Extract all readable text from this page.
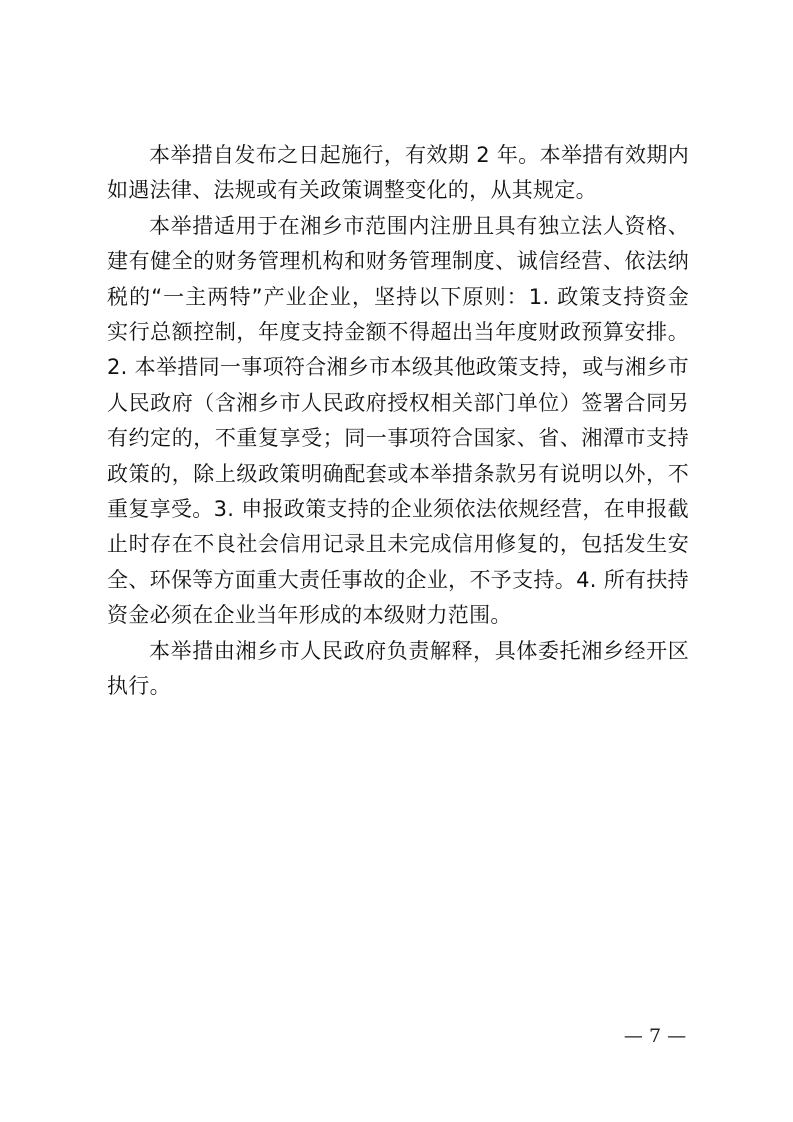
本举措自发布之日起施行，有效期 2 年。本举措有效期内如遇法律、法规或有关政策调整变化的，从其规定。

本举措适用于在湘乡市范围内注册且具有独立法人资格、建有健全的财务管理机构和财务管理制度、诚信经营、依法纳税的“一主两特”产业企业，坚持以下原则：1. 政策支持资金实行总额控制，年度支持金额不得超出当年度财政预算安排。2. 本举措同一事项符合湘乡市本级其他政策支持，或与湘乡市人民政府（含湘乡市人民政府授权相关部门单位）签署合同另有约定的，不重复享受；同一事项符合国家、省、湘潭市支持政策的，除上级政策明确配套或本举措条款另有说明以外，不重复享受。3. 申报政策支持的企业须依法依规经营，在申报截止时存在不良社会信用记录且未完成信用修复的，包括发生安全、环保等方面重大责任事故的企业，不予支持。4. 所有扶持资金必须在企业当年形成的本级财力范围。

本举措由湘乡市人民政府负责解释，具体委托湘乡经开区执行。

— 7 —
